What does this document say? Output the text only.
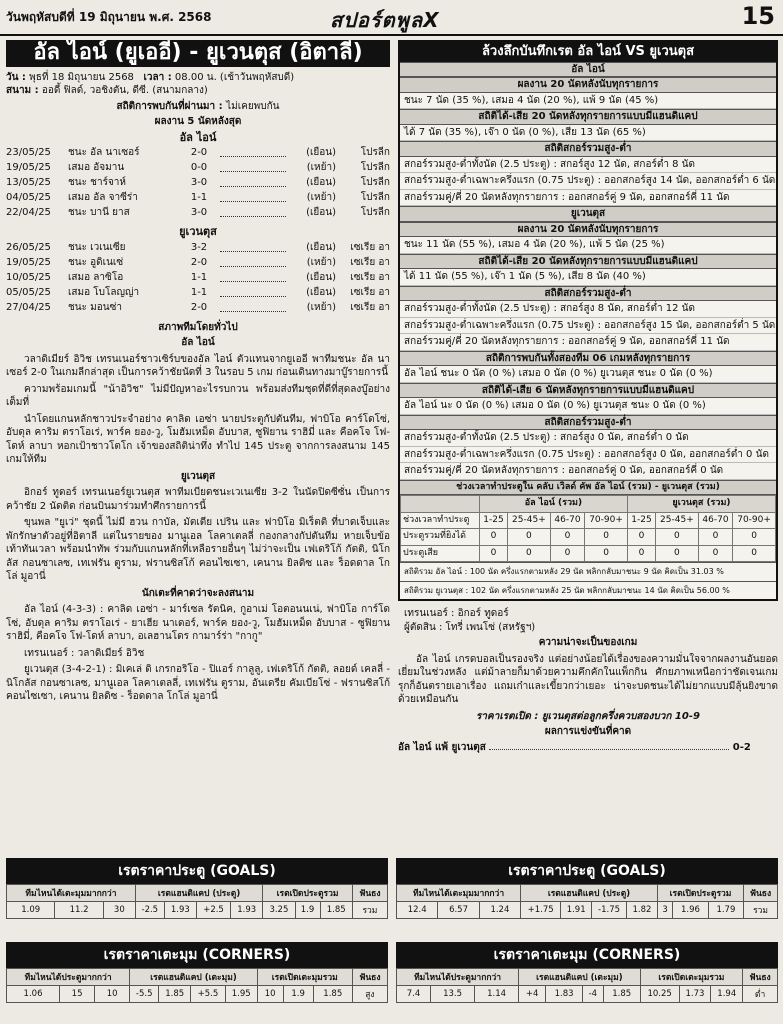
วันพฤหัสบดีที่ 19 มิถุนายน พ.ศ. 2568	สปอร์ตพูลX	15
อัล ไอน์ (ยูเออี) - ยูเวนตุส (อิตาลี)
วัน : พุธที่ 18 มิถุนายน 2568 เวลา : 08.00 น. (เช้าวันพฤหัสบดี)
สนาม : ออดี้ ฟิลด์, วอชิงตัน, ดีซี. (สนามกลาง)
สถิติการพบกันที่ผ่านมา : ไม่เคยพบกัน
ผลงาน 5 นัดหลังสุด
อัล ไอน์
23/05/25	ชนะ อัล นาเซอร์	2-0	(เยือน)	โปรลีก
19/05/25	เสมอ อัจมาน	0-0	(เหย้า)	โปรลีก
13/05/25	ชนะ ชาร์จาห์	3-0	(เยือน)	โปรลีก
04/05/25	เสมอ อัล จาซีร่า	1-1	(เหย้า)	โปรลีก
22/04/25	ชนะ บานี่ ยาส	3-0	(เยือน)	โปรลีก
ยูเวนตุส
26/05/25	ชนะ เวเนเซีย	3-2	(เยือน)	เซเรีย อา
19/05/25	ชนะ อูดิเนเซ่	2-0	(เหย้า)	เซเรีย อา
10/05/25	เสมอ ลาซิโอ	1-1	(เยือน)	เซเรีย อา
05/05/25	เสมอ โบโลญญ่า	1-1	(เยือน)	เซเรีย อา
27/04/25	ชนะ มอนซ่า	2-0	(เหย้า)	เซเรีย อา
สภาพทีมโดยทั่วไป
อัล ไอน์

วลาดิเมียร์ อิวิช เทรนเนอร์ชาวเซิร์บของอัล ไอน์ ตัวแทนจากยูเออี พาทีมชนะ อัล นาเซอร์ 2-0 ในเกมลีกล่าสุด เป็นการคว้าชัยนัดที่ 3 ในรอบ 5 เกม ก่อนเดินทางมาบู๊รายการนี้

ความพร้อมเกมนี้ "น้าอิวิช" ไม่มีปัญหาอะไรรบกวน พร้อมส่งทีมชุดที่ดีที่สุดลงบู๊อย่างเต็มที่

นำโดยแกนหลักชาวประจำอย่าง คาลิด เอซ่า นายประตูกัปตันทีม, ฟาบิโอ คาร์โดโซ่, อับดุล คาริม ตราโอเร่, พาร์ค ยอง-วู, โมฮัมเหม็ด อับบาส, ซูฟิยาน ราฮิมี่ และ คือคโจ โฟ-โดห์ ลาบา หอกเป้าชาวโตโก เจ้าของสถิติน่าทึ่ง ทำไป 145 ประตู จากการลงสนาม 145 เกมให้ทีม

ยูเวนตุส

อิกอร์ ทูดอร์ เทรนเนอร์ยูเวนตุส พาทีมเบียดชนะเวเนเซีย 3-2 ในนัดปิดซีซั่น เป็นการคว้าชัย 2 นัดติด ก่อนบินมาร่วมทำศึกรายการนี้

ขุนพล "ยูเว่" ชุดนี้ ไม่มี ฮวน กาบัล, มัตเตีย เปริน และ ฟาบิโอ มิเร็ตติ ที่บาดเจ็บและพักรักษาตัวอยู่ที่อิตาลี แต่ในรายของ มานูเอล โลคาเตลลี่ กองกลางกัปตันทีม หายเจ็บข้อเท้าทันเวลา พร้อมนำทัพ ร่วมกับแกนหลักที่เหลือรายอื่นๆ ไม่ว่าจะเป็น เฟเดริโก้ กัตติ, นิโกลัส กอนซาเลซ, เทเฟรัน ตูราม, ฟรานซิสโก้ คอนไซเซา, เคนาน ยิลดิซ และ ร็อดดาล โกโล่ มูอานี่

นักเตะที่คาดว่าจะลงสนาม

อัล ไอน์ (4-3-3) : คาลิด เอซ่า - มาร์เซล รัตนิค, กูอาเม่ โอตอนนเน่, ฟาบิโอ การ์โดโซ่, อับดุล คาริม ตราโอเร่ - ยาเฮีย นาเดอร์, พาร์ค ยอง-วู, โมฮัมเหม็ด อับบาส - ซูฟิยาน ราฮิมี่, คือคโจ โฟ-โดห์ ลาบา, อเลฮานโดร กามาร์ร่า "กากู"

เทรนเนอร์ : วลาดิเมียร์ อิวิช

ยูเวนตุส (3-4-2-1) : มิเคเล่ ดิ เกรกอริโอ - ปิแอร์ กาลูลู, เฟเดริโก้ กัตติ, ลอยด์ เคลลี่ - นิโกลัส กอนซาเลซ, มานูเอล โลคาเตลลี่, เทเฟรัน ตูราม, อันเดรีย คัมเบียโซ่ - ฟรานซิสโก้ คอนไซเซา, เคนาน ยิลดิซ - ร็อดดาล โกโล่ มูอานี่

ล้วงลึกบันทึกเรต อัล ไอน์ VS ยูเวนตุส
อัล ไอน์
ผลงาน 20 นัดหลังนับทุกรายการ
ชนะ 7 นัด (35 %), เสมอ 4 นัด (20 %), แพ้ 9 นัด (45 %)
สถิติได้-เสีย 20 นัดหลังทุกรายการแบบมีแฮนดิแคป
ได้ 7 นัด (35 %), เจ๊า 0 นัด (0 %), เสีย 13 นัด (65 %)
สถิติสกอร์รวมสูง-ต่ำ
สกอร์รวมสูง-ต่ำทั้งนัด (2.5 ประตู) : สกอร์สูง 12 นัด, สกอร์ต่ำ 8 นัด
สกอร์รวมสูง-ต่ำเฉพาะครึ่งแรก (0.75 ประตู) : ออกสกอร์สูง 14 นัด, ออกสกอร์ต่ำ 6 นัด
สกอร์รวมคู่/คี่ 20 นัดหลังทุกรายการ : ออกสกอร์คู่ 9 นัด, ออกสกอร์คี่ 11 นัด
ยูเวนตุส
ผลงาน 20 นัดหลังนับทุกรายการ
ชนะ 11 นัด (55 %), เสมอ 4 นัด (20 %), แพ้ 5 นัด (25 %)
สถิติได้-เสีย 20 นัดหลังทุกรายการแบบมีแฮนดิแคป
ได้ 11 นัด (55 %), เจ๊า 1 นัด (5 %), เสีย 8 นัด (40 %)
สถิติสกอร์รวมสูง-ต่ำ
สกอร์รวมสูง-ต่ำทั้งนัด (2.5 ประตู) : สกอร์สูง 8 นัด, สกอร์ต่ำ 12 นัด
สกอร์รวมสูง-ต่ำเฉพาะครึ่งแรก (0.75 ประตู) : ออกสกอร์สูง 15 นัด, ออกสกอร์ต่ำ 5 นัด
สกอร์รวมคู่/คี่ 20 นัดหลังทุกรายการ : ออกสกอร์คู่ 9 นัด, ออกสกอร์คี่ 11 นัด
สถิติการพบกันทั้งสองทีม 06 เกมหลังทุกรายการ
อัล ไอน์ ชนะ 0 นัด (0 %) เสมอ 0 นัด (0 %) ยูเวนตุส ชนะ 0 นัด (0 %)
สถิติได้-เสีย 6 นัดหลังทุกรายการแบบมีแฮนดิแคป
อัล ไอน์ นะ 0 นัด (0 %) เสมอ 0 นัด (0 %) ยูเวนตุส ชนะ 0 นัด (0 %)
สถิติสกอร์รวมสูง-ต่ำ
สกอร์รวมสูง-ต่ำทั้งนัด (2.5 ประตู) : สกอร์สูง 0 นัด, สกอร์ต่ำ 0 นัด
สกอร์รวมสูง-ต่ำเฉพาะครึ่งแรก (0.75 ประตู) : ออกสกอร์สูง 0 นัด, ออกสกอร์ต่ำ 0 นัด
สกอร์รวมคู่/คี่ 20 นัดหลังทุกรายการ : ออกสกอร์คู่ 0 นัด, ออกสกอร์คี่ 0 นัด
ช่วงเวลาทำประตูใน คลับ เวิลด์ คัพ อัล ไอน์ (รวม) - ยูเวนตุส (รวม)
	อัล ไอน์ (รวม)				ยูเวนตุส (รวม)			
ช่วงเวลาทำประตู	1-25	25-45+	46-70	70-90+	1-25	25-45+	46-70	70-90+
ประตูรวมที่ยิงได้	0	0	0	0	0	0	0	0
ประตูเสีย	0	0	0	0	0	0	0	0
สถิติรวม อัล ไอน์ : 100 นัด ครึ่งแรกตามหลัง 29 นัด พลิกกลับมาชนะ 9 นัด คิดเป็น 31.03 %
สถิติรวม ยูเวนตุส : 102 นัด ครึ่งแรกตามหลัง 25 นัด พลิกกลับมาชนะ 14 นัด คิดเป็น 56.00 %
เทรนเนอร์ : อิกอร์ ทูดอร์
ผู้ตัดสิน : โทรี่ เพนโซ่ (สหรัฐฯ)
ความน่าจะเป็นของเกม

อัล ไอน์ เกรดบอลเป็นรองจริง แต่อย่างน้อยได้เรื่องของความมั่นใจจากผลงานอันยอดเยี่ยมในช่วงหลัง แต่ม้าลายก็มาด้วยความคึกคักในแพ็กกิน ศักยภาพเหนือกว่าชัดเจนเกมรุกก็อันตรายเอาเรื่อง แถมเก๋าและเขี้ยวกว่าเยอะ น่าจะบดชนะได้ไม่ยากแบบมีลุ้นยิงขาดด้วยเหมือนกัน

ราคาเรตเปิด : ยูเวนตุสต่อลูกครึ่งควบสองบวก 10-9
ผลการแข่งขันที่คาด
อัล ไอน์ แพ้ ยูเวนตุส	0-2
เรตราคาประตู (GOALS)
ทีมไหนได้เตะมุมมากกว่า			เรตแฮนดิแคป (ประตู)				เรตเปิดประตูรวม			ฟันธง
1.09	11.2	30	-2.5	1.93	+2.5	1.93	3.25	1.9	1.85	รวม
เรตราคาประตู (GOALS)
ทีมไหนได้เตะมุมมากกว่า			เรตแฮนดิแคป (ประตู)				เรตเปิดประตูรวม			ฟันธง
12.4	6.57	1.24	+1.75	1.91	-1.75	1.82	3	1.96	1.79	รวม
เรตราคาเตะมุม (CORNERS)
ทีมไหนได้ประตูมากกว่า			เรตแฮนดิแคป (เตะมุม)				เรตเปิดเตะมุมรวม			ฟันธง
1.06	15	10	-5.5	1.85	+5.5	1.95	10	1.9	1.85	สูง
เรตราคาเตะมุม (CORNERS)
ทีมไหนได้ประตูมากกว่า			เรตแฮนดิแคป (เตะมุม)				เรตเปิดเตะมุมรวม			ฟันธง
7.4	13.5	1.14	+4	1.83	-4	1.85	10.25	1.73	1.94	ต่ำ
